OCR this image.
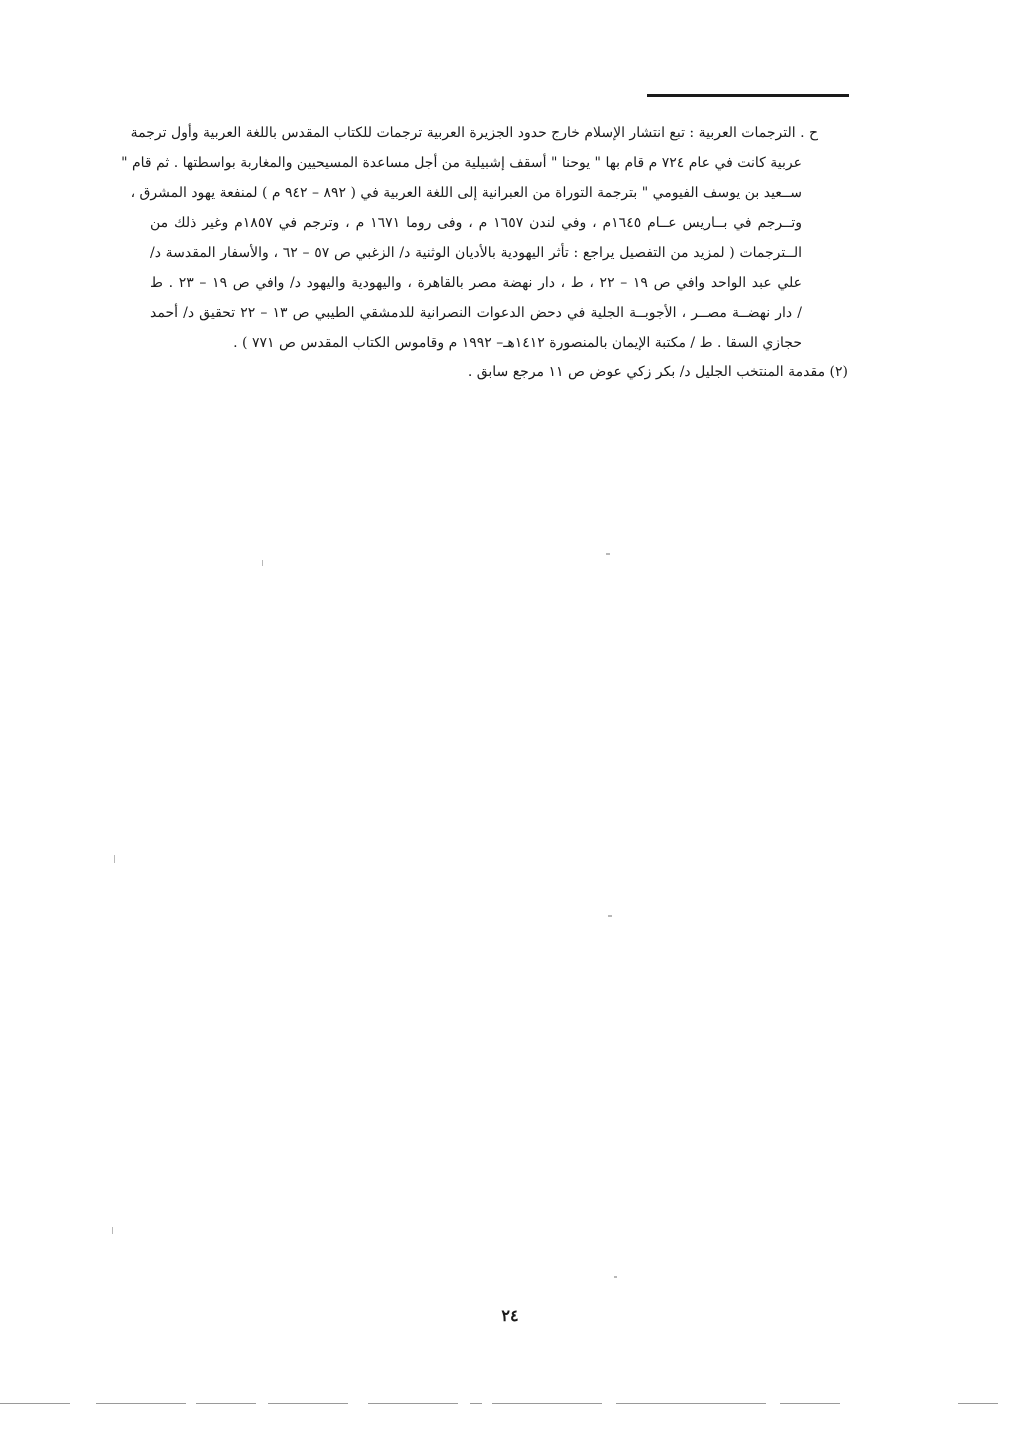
ح . الترجمات العربية : تبع انتشار الإسلام خارج حدود الجزيرة العربية ترجمات للكتاب المقدس باللغة العربية وأول ترجمة
عربية كانت في عام ٧٢٤ م قام بها " يوحنا " أسقف إشبيلية من أجل مساعدة المسيحيين والمغاربة بواسطتها . ثم قام "
ســعيد بن يوسف الفيومي " بترجمة التوراة من العبرانية إلى اللغة العربية في ( ٨٩٢ – ٩٤٢ م ) لمنفعة يهود المشرق ،
وتــرجم في بــاريس عــام ١٦٤٥م ، وفي لندن ١٦٥٧ م ، وفى روما ١٦٧١ م ، وترجم في ١٨٥٧م وغير ذلك من
الــترجمات ( لمزيد من التفصيل يراجع : تأثر اليهودية بالأديان الوثنية د/ الزغبي ص ٥٧ – ٦٢ ، والأسفار المقدسة د/
علي عبد الواحد وافي ص ١٩ – ٢٢ ، ط ، دار نهضة مصر بالقاهرة ، واليهودية واليهود د/ وافي ص ١٩ – ٢٣ . ط
/ دار نهضــة مصــر ، الأجوبــة الجلية في دحض الدعوات النصرانية للدمشقي الطيبي ص ١٣ – ٢٢ تحقيق د/ أحمد
حجازي السقا . ط / مكتبة الإيمان بالمنصورة ١٤١٢هـ– ١٩٩٢ م وقاموس الكتاب المقدس ص ٧٧١ ) .
(٢) مقدمة المنتخب الجليل د/ بكر زكي عوض ص ١١ مرجع سابق .
٢٤
